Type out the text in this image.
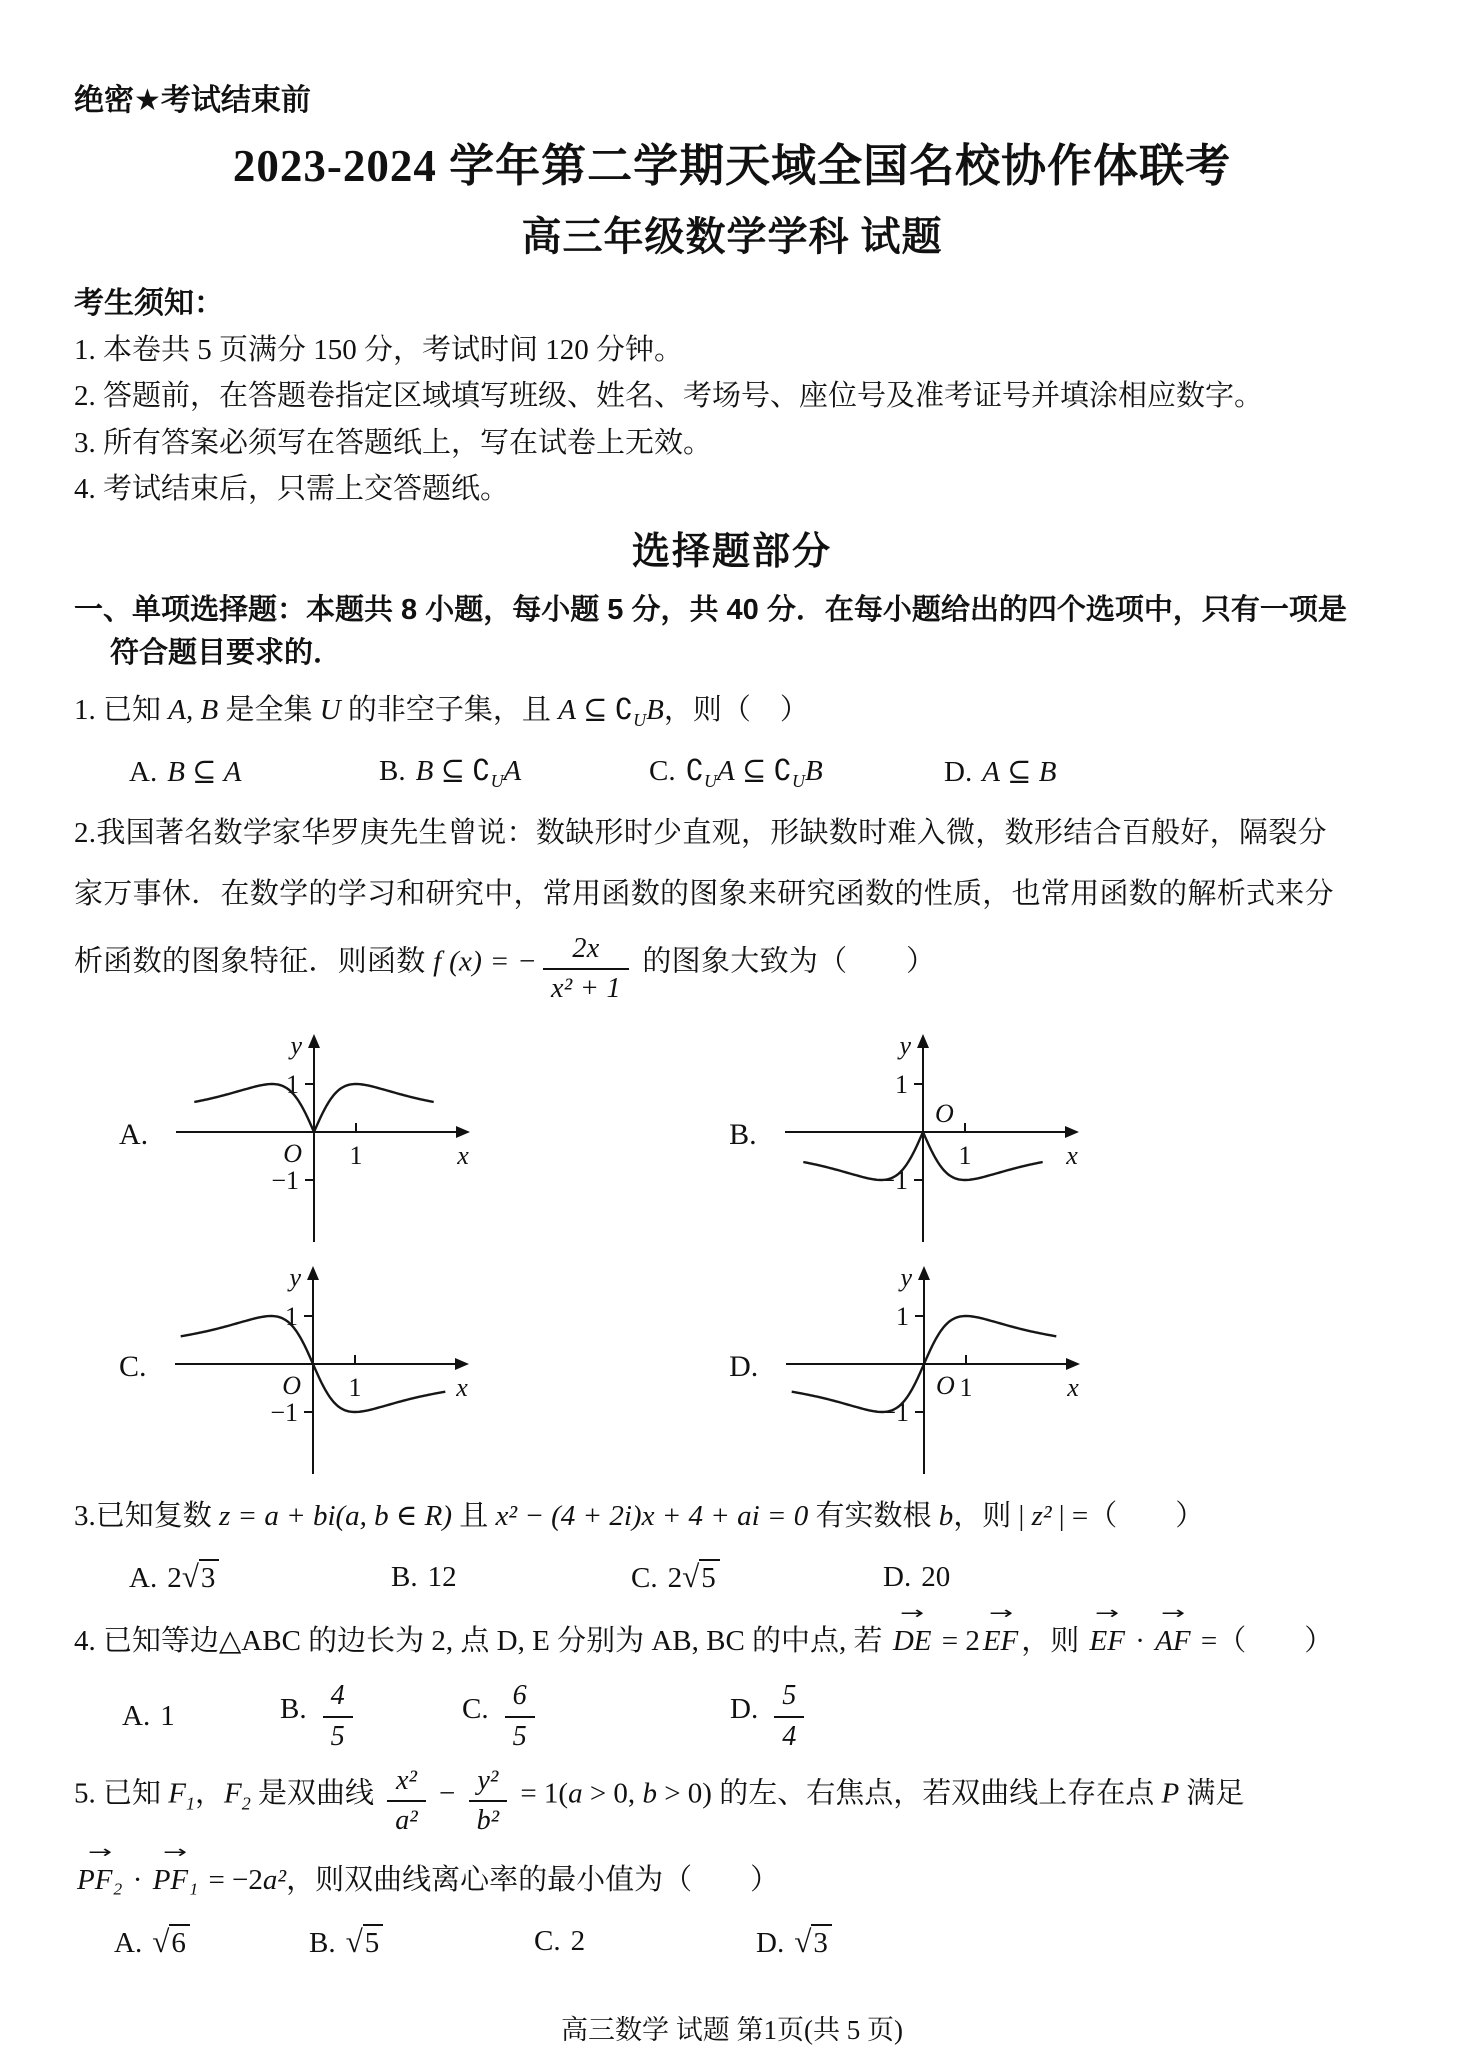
绝密★考试结束前
2023-2024 学年第二学期天域全国名校协作体联考
高三年级数学学科 试题
考生须知：
1. 本卷共 5 页满分 150 分，考试时间 120 分钟。
2. 答题前，在答题卷指定区域填写班级、姓名、考场号、座位号及准考证号并填涂相应数字。
3. 所有答案必须写在答题纸上，写在试卷上无效。
4. 考试结束后，只需上交答题纸。
选择题部分
一、单项选择题：本题共 8 小题，每小题 5 分，共 40 分．在每小题给出的四个选项中，只有一项是
符合题目要求的．
1. 已知 A, B 是全集 U 的非空子集，且 A ⊆ $∁_UB$，则（　）
A. B ⊆ A	B. B ⊆ $∁_UA$	C. $∁_UA$ ⊆ $∁_UB$	D. A ⊆ B
2.我国著名数学家华罗庚先生曾说：数缺形时少直观，形缺数时难入微，数形结合百般好，隔裂分
家万事休．在数学的学习和研究中，常用函数的图象来研究函数的性质，也常用函数的解析式来分
析函数的图象特征．则函数 f (x) = − $\frac{2x}{\text{x² + 1}}$ 的图象大致为（　　）
A.
1
−1
1
y
x
O
B.
1
−1
1
y
x
O
C.
1
−1
1
y
x
O
D.
1
−1
1
y
x
O
3.已知复数 z = a + bi(a, b ∈ R) 且 x² − (4 + 2i)x + 4 + ai = 0 有实数根 b，则 | z² | =（　　）
A. 2√3	B. 12	C. 2√5	D. 20
4. 已知等边△ABC 的边长为 2, 点 D, E 分别为 AB, BC 的中点, 若 DE → = 2 EF → ，则 EF → · AF → =（　　）
A. 1	B. $\frac{4}{5}$	C. $\frac{6}{5}$	D. $\frac{5}{4}$
5. 已知 $F_1$，$F_2$ 是双曲线 $\frac{\text{x²}}{\text{a²}} - \frac{\text{y²}}{\text{b²}} = 1(a > 0$, b > 0) 的左、右焦点，若双曲线上存在点 P 满足
PF₂ → · PF₁ → = −2a²，则双曲线离心率的最小值为（　　）
A. √6	B. √5	C. 2	D. √3
高三数学 试题 第1页(共 5 页)
